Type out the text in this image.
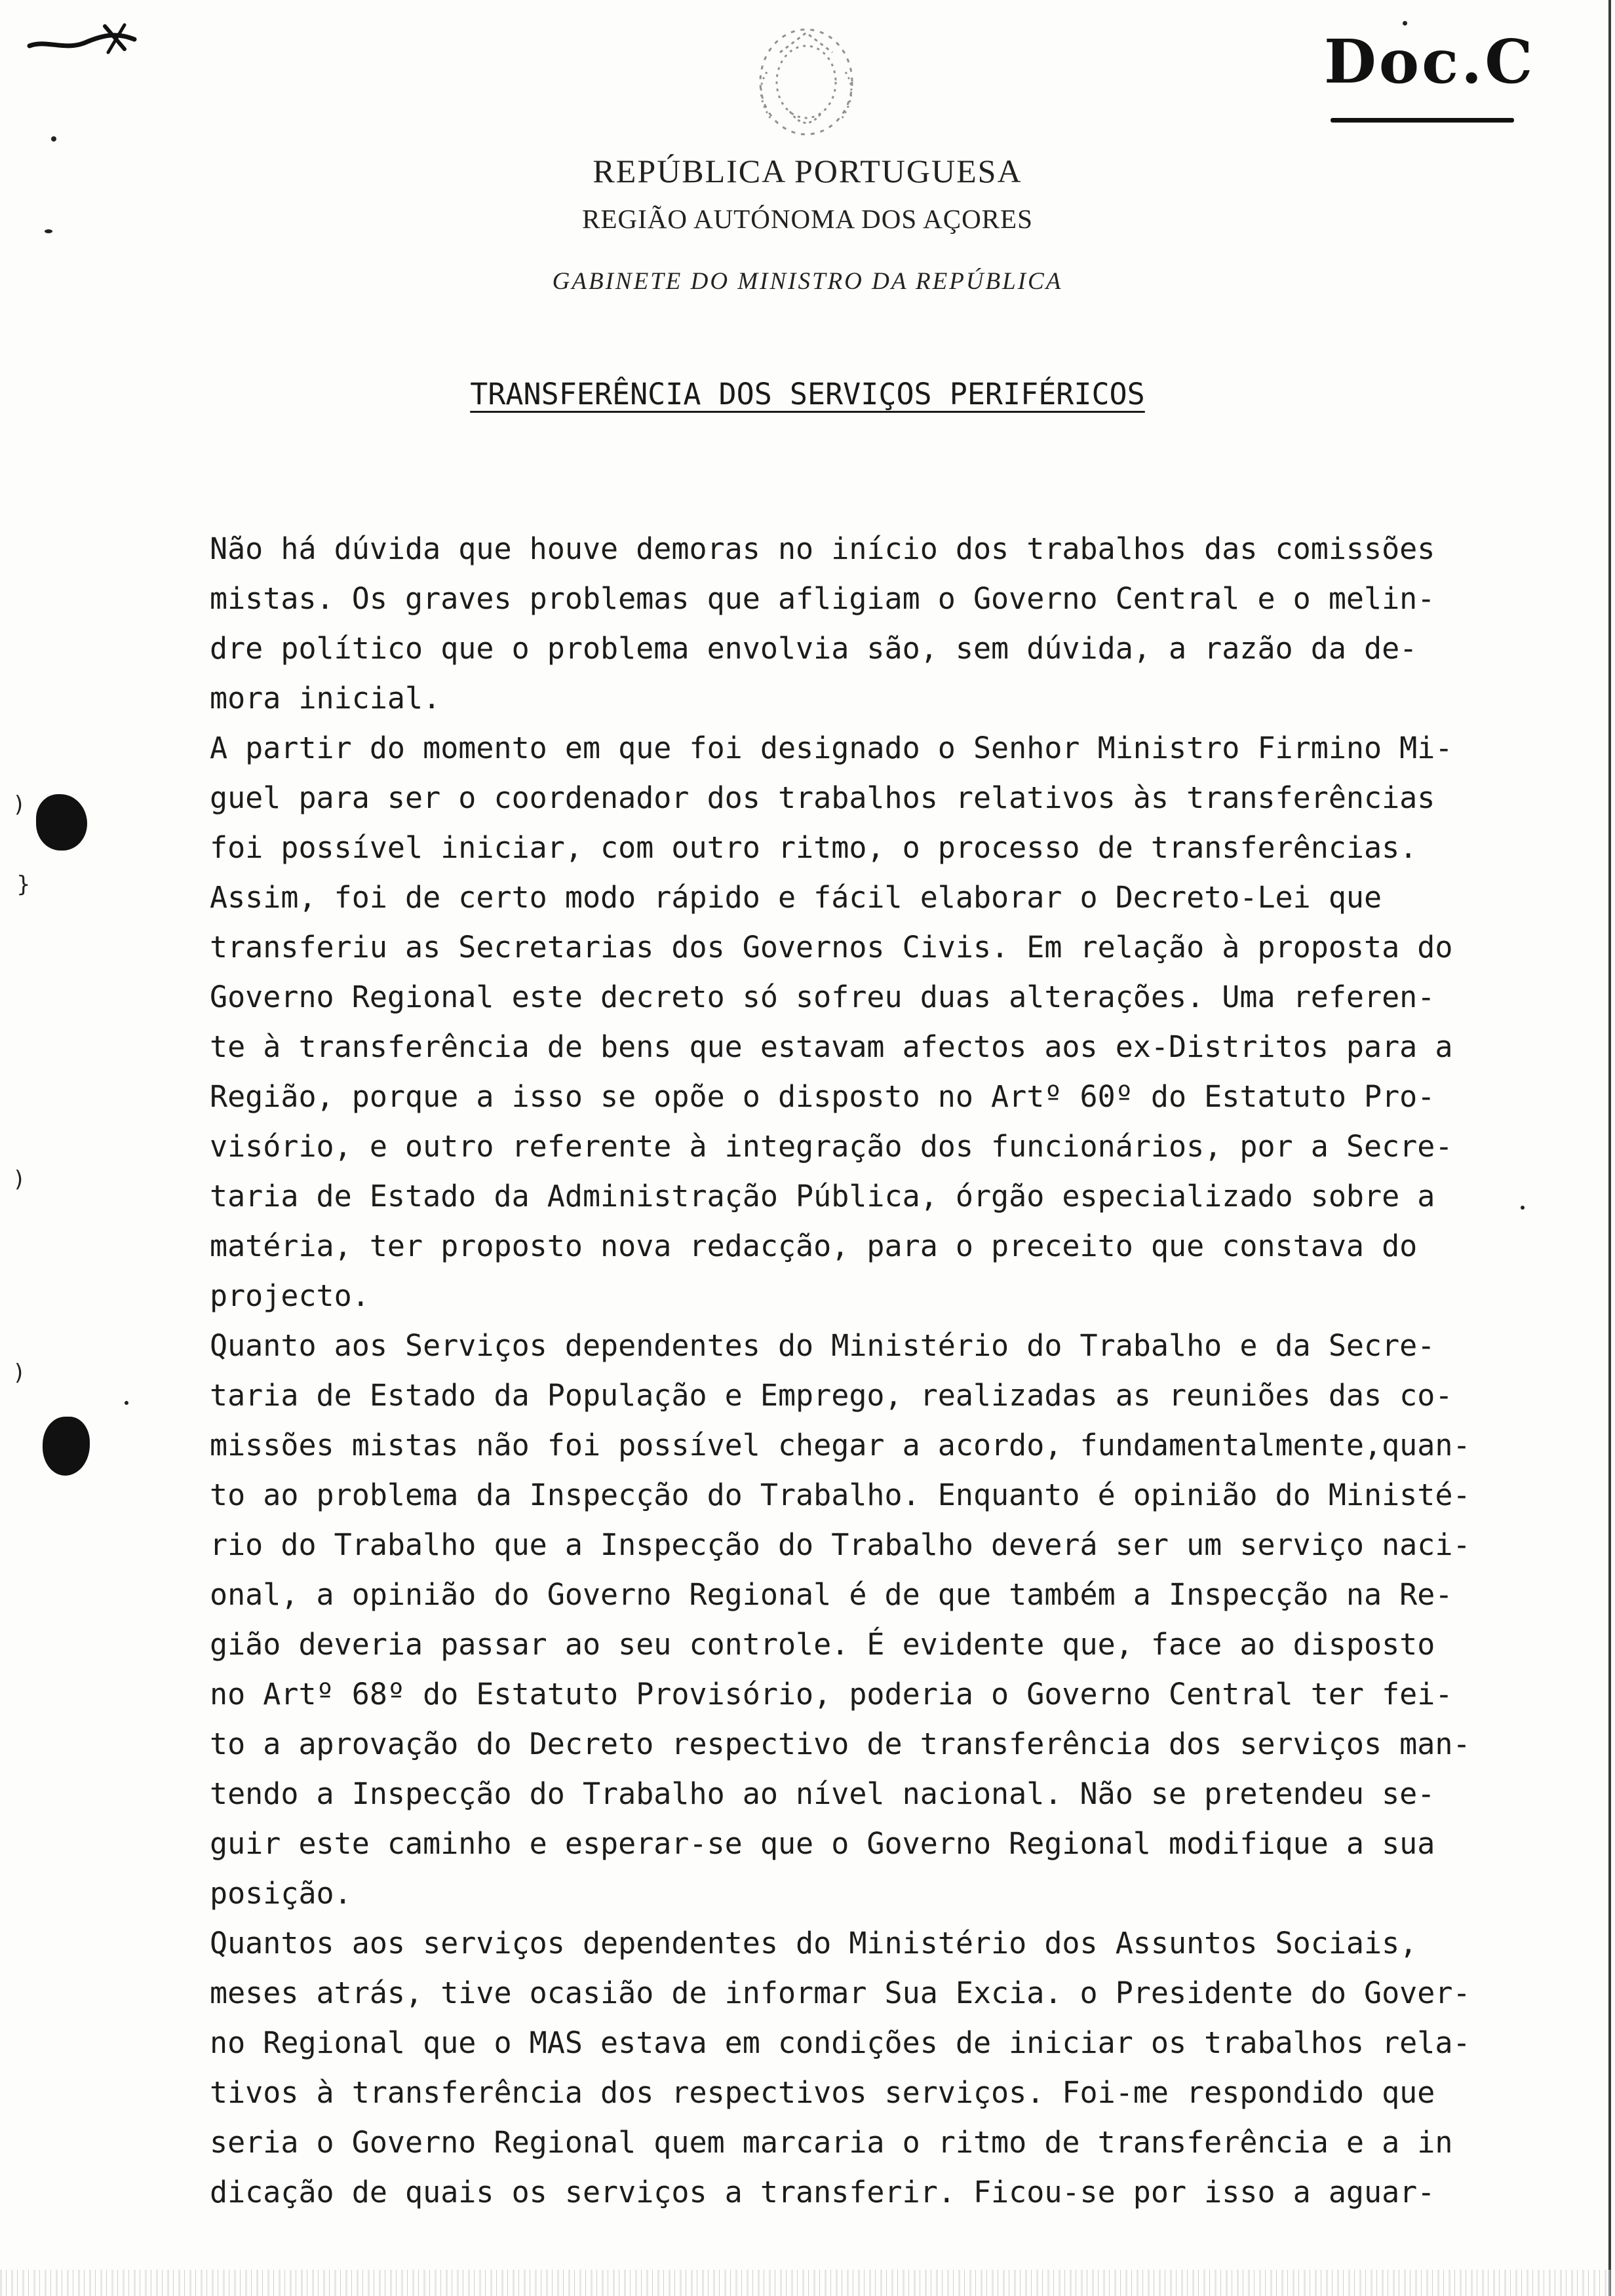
Doc.C
REPÚBLICA PORTUGUESA
REGIÃO AUTÓNOMA DOS AÇORES
GABINETE DO MINISTRO DA REPÚBLICA
TRANSFERÊNCIA DOS SERVIÇOS PERIFÉRICOS
Não há dúvida que houve demoras no início dos trabalhos das comissões
mistas. Os graves problemas que afligiam o Governo Central e o melin-
dre político que o problema envolvia são, sem dúvida, a razão da de-
mora inicial.
A partir do momento em que foi designado o Senhor Ministro Firmino Mi-
guel para ser o coordenador dos trabalhos relativos às transferências
foi possível iniciar, com outro ritmo, o processo de transferências.
Assim, foi de certo modo rápido e fácil elaborar o Decreto-Lei que
transferiu as Secretarias dos Governos Civis. Em relação à proposta do
Governo Regional este decreto só sofreu duas alterações. Uma referen-
te à transferência de bens que estavam afectos aos ex-Distritos para a
Região, porque a isso se opõe o disposto no Artº 60º do Estatuto Pro-
visório, e outro referente à integração dos funcionários, por a Secre-
taria de Estado da Administração Pública, órgão especializado sobre a
matéria, ter proposto nova redacção, para o preceito que constava do
projecto.
Quanto aos Serviços dependentes do Ministério do Trabalho e da Secre-
taria de Estado da População e Emprego, realizadas as reuniões das co-
missões mistas não foi possível chegar a acordo, fundamentalmente,quan-
to ao problema da Inspecção do Trabalho. Enquanto é opinião do Ministé-
rio do Trabalho que a Inspecção do Trabalho deverá ser um serviço naci-
onal, a opinião do Governo Regional é de que também a Inspecção na Re-
gião deveria passar ao seu controle. É evidente que, face ao disposto
no Artº 68º do Estatuto Provisório, poderia o Governo Central ter fei-
to a aprovação do Decreto respectivo de transferência dos serviços man-
tendo a Inspecção do Trabalho ao nível nacional. Não se pretendeu se-
guir este caminho e esperar-se que o Governo Regional modifique a sua
posição.
Quantos aos serviços dependentes do Ministério dos Assuntos Sociais,
meses atrás, tive ocasião de informar Sua Excia. o Presidente do Gover-
no Regional que o MAS estava em condições de iniciar os trabalhos rela-
tivos à transferência dos respectivos serviços. Foi-me respondido que
seria o Governo Regional quem marcaria o ritmo de transferência e a in
dicação de quais os serviços a transferir. Ficou-se por isso a aguar-
)
}
)
)
